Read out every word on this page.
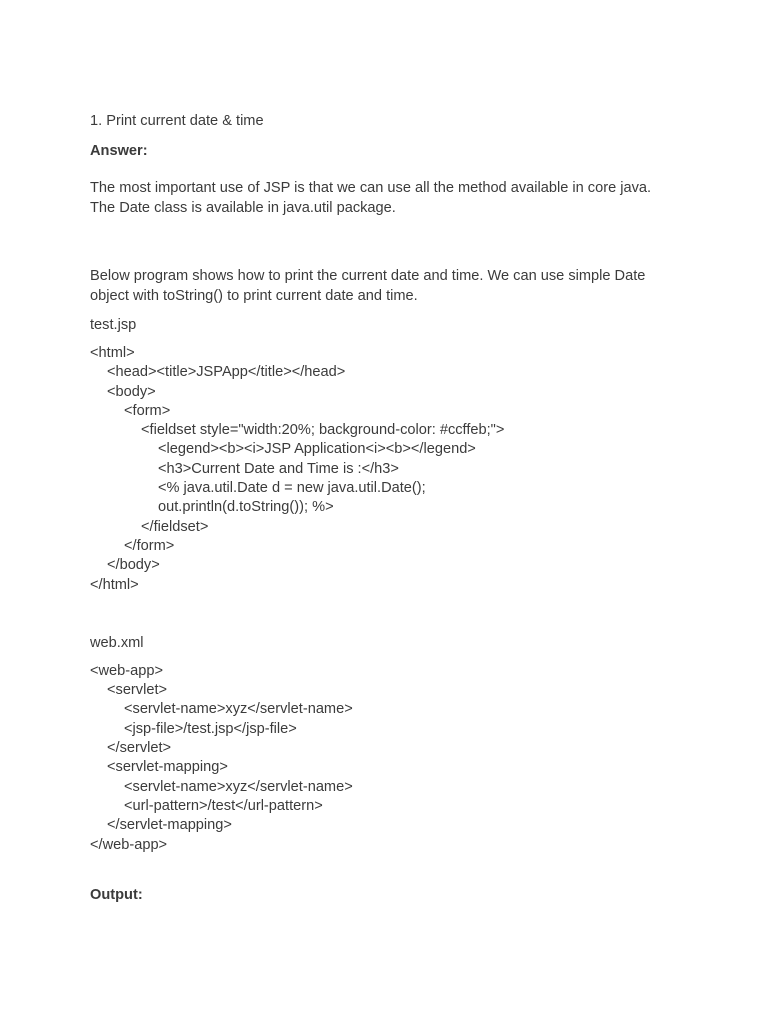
1. Print current date & time

Answer:

The most important use of JSP is that we can use all the method available in core java.
The Date class is available in java.util package.
Below program shows how to print the current date and time. We can use simple Date
object with toString() to print current date and time.

test.jsp

<html>
<head><title>JSPApp</title></head>
<body>
<form>
<fieldset style="width:20%; background-color: #ccffeb;">
<legend><b><i>JSP Application<i><b></legend>
<h3>Current Date and Time is :</h3>
<% java.util.Date d = new java.util.Date();
out.println(d.toString()); %>
</fieldset>
</form>
</body>
</html>

web.xml

<web-app>
<servlet>
<servlet-name>xyz</servlet-name>
<jsp-file>/test.jsp</jsp-file>
</servlet>
<servlet-mapping>
<servlet-name>xyz</servlet-name>
<url-pattern>/test</url-pattern>
</servlet-mapping>
</web-app>

Output:
